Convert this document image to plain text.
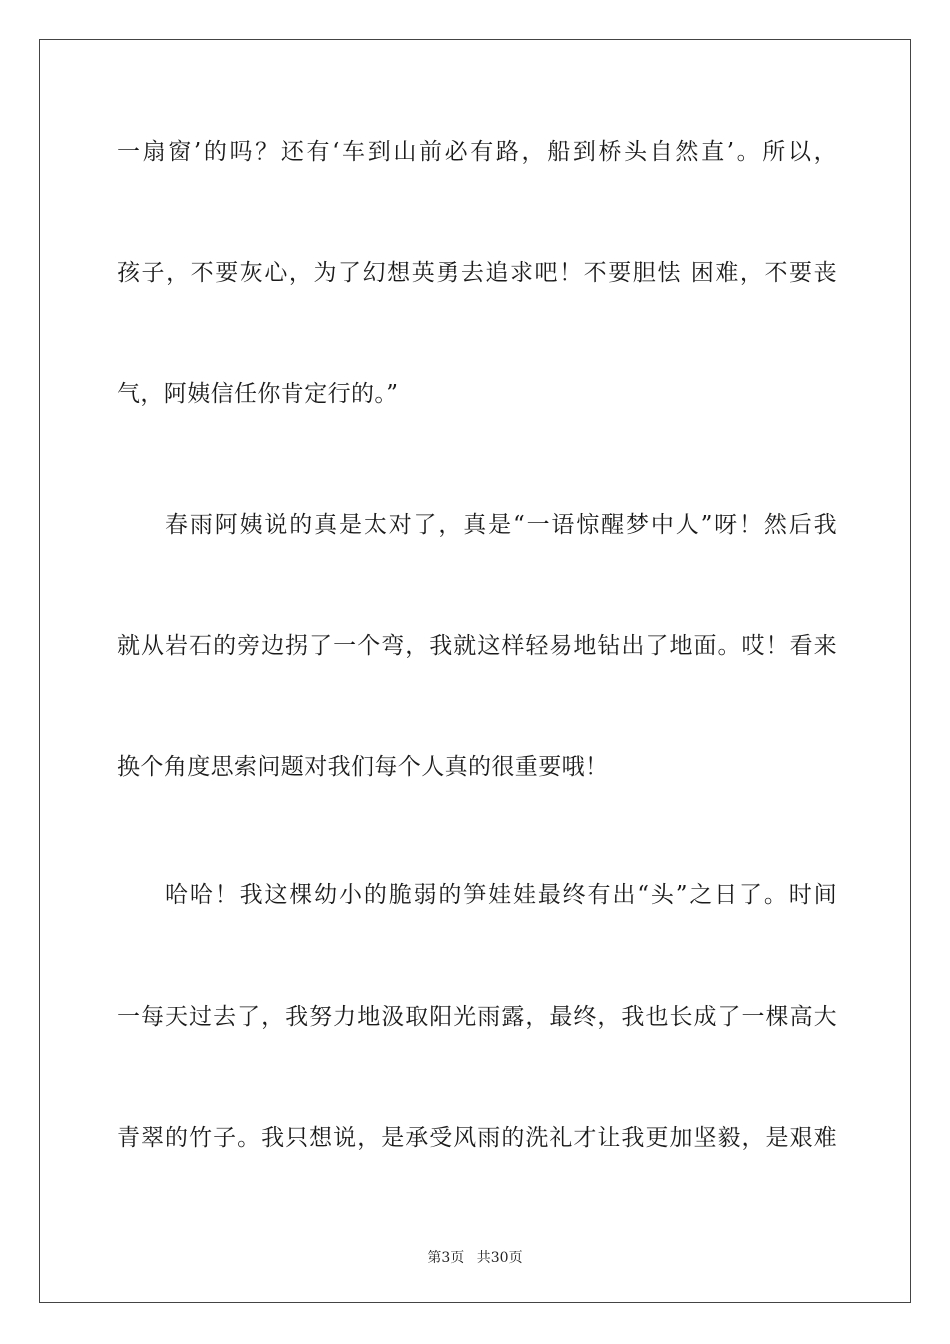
一扇窗’的吗？还有‘车到山前必有路，船到桥头自然直’。所以，
孩子，不要灰心，为了幻想英勇去追求吧！不要胆怯 困难，不要丧
气，阿姨信任你肯定行的。”
春雨阿姨说的真是太对了，真是“一语惊醒梦中人”呀！然后我
就从岩石的旁边拐了一个弯，我就这样轻易地钻出了地面。哎！看来
换个角度思索问题对我们每个人真的很重要哦！
哈哈！我这棵幼小的脆弱的笋娃娃最终有出“头”之日了。时间
一每天过去了，我努力地汲取阳光雨露，最终，我也长成了一棵高大
青翠的竹子。我只想说，是承受风雨的洗礼才让我更加坚毅，是艰难
第3页 共30页
